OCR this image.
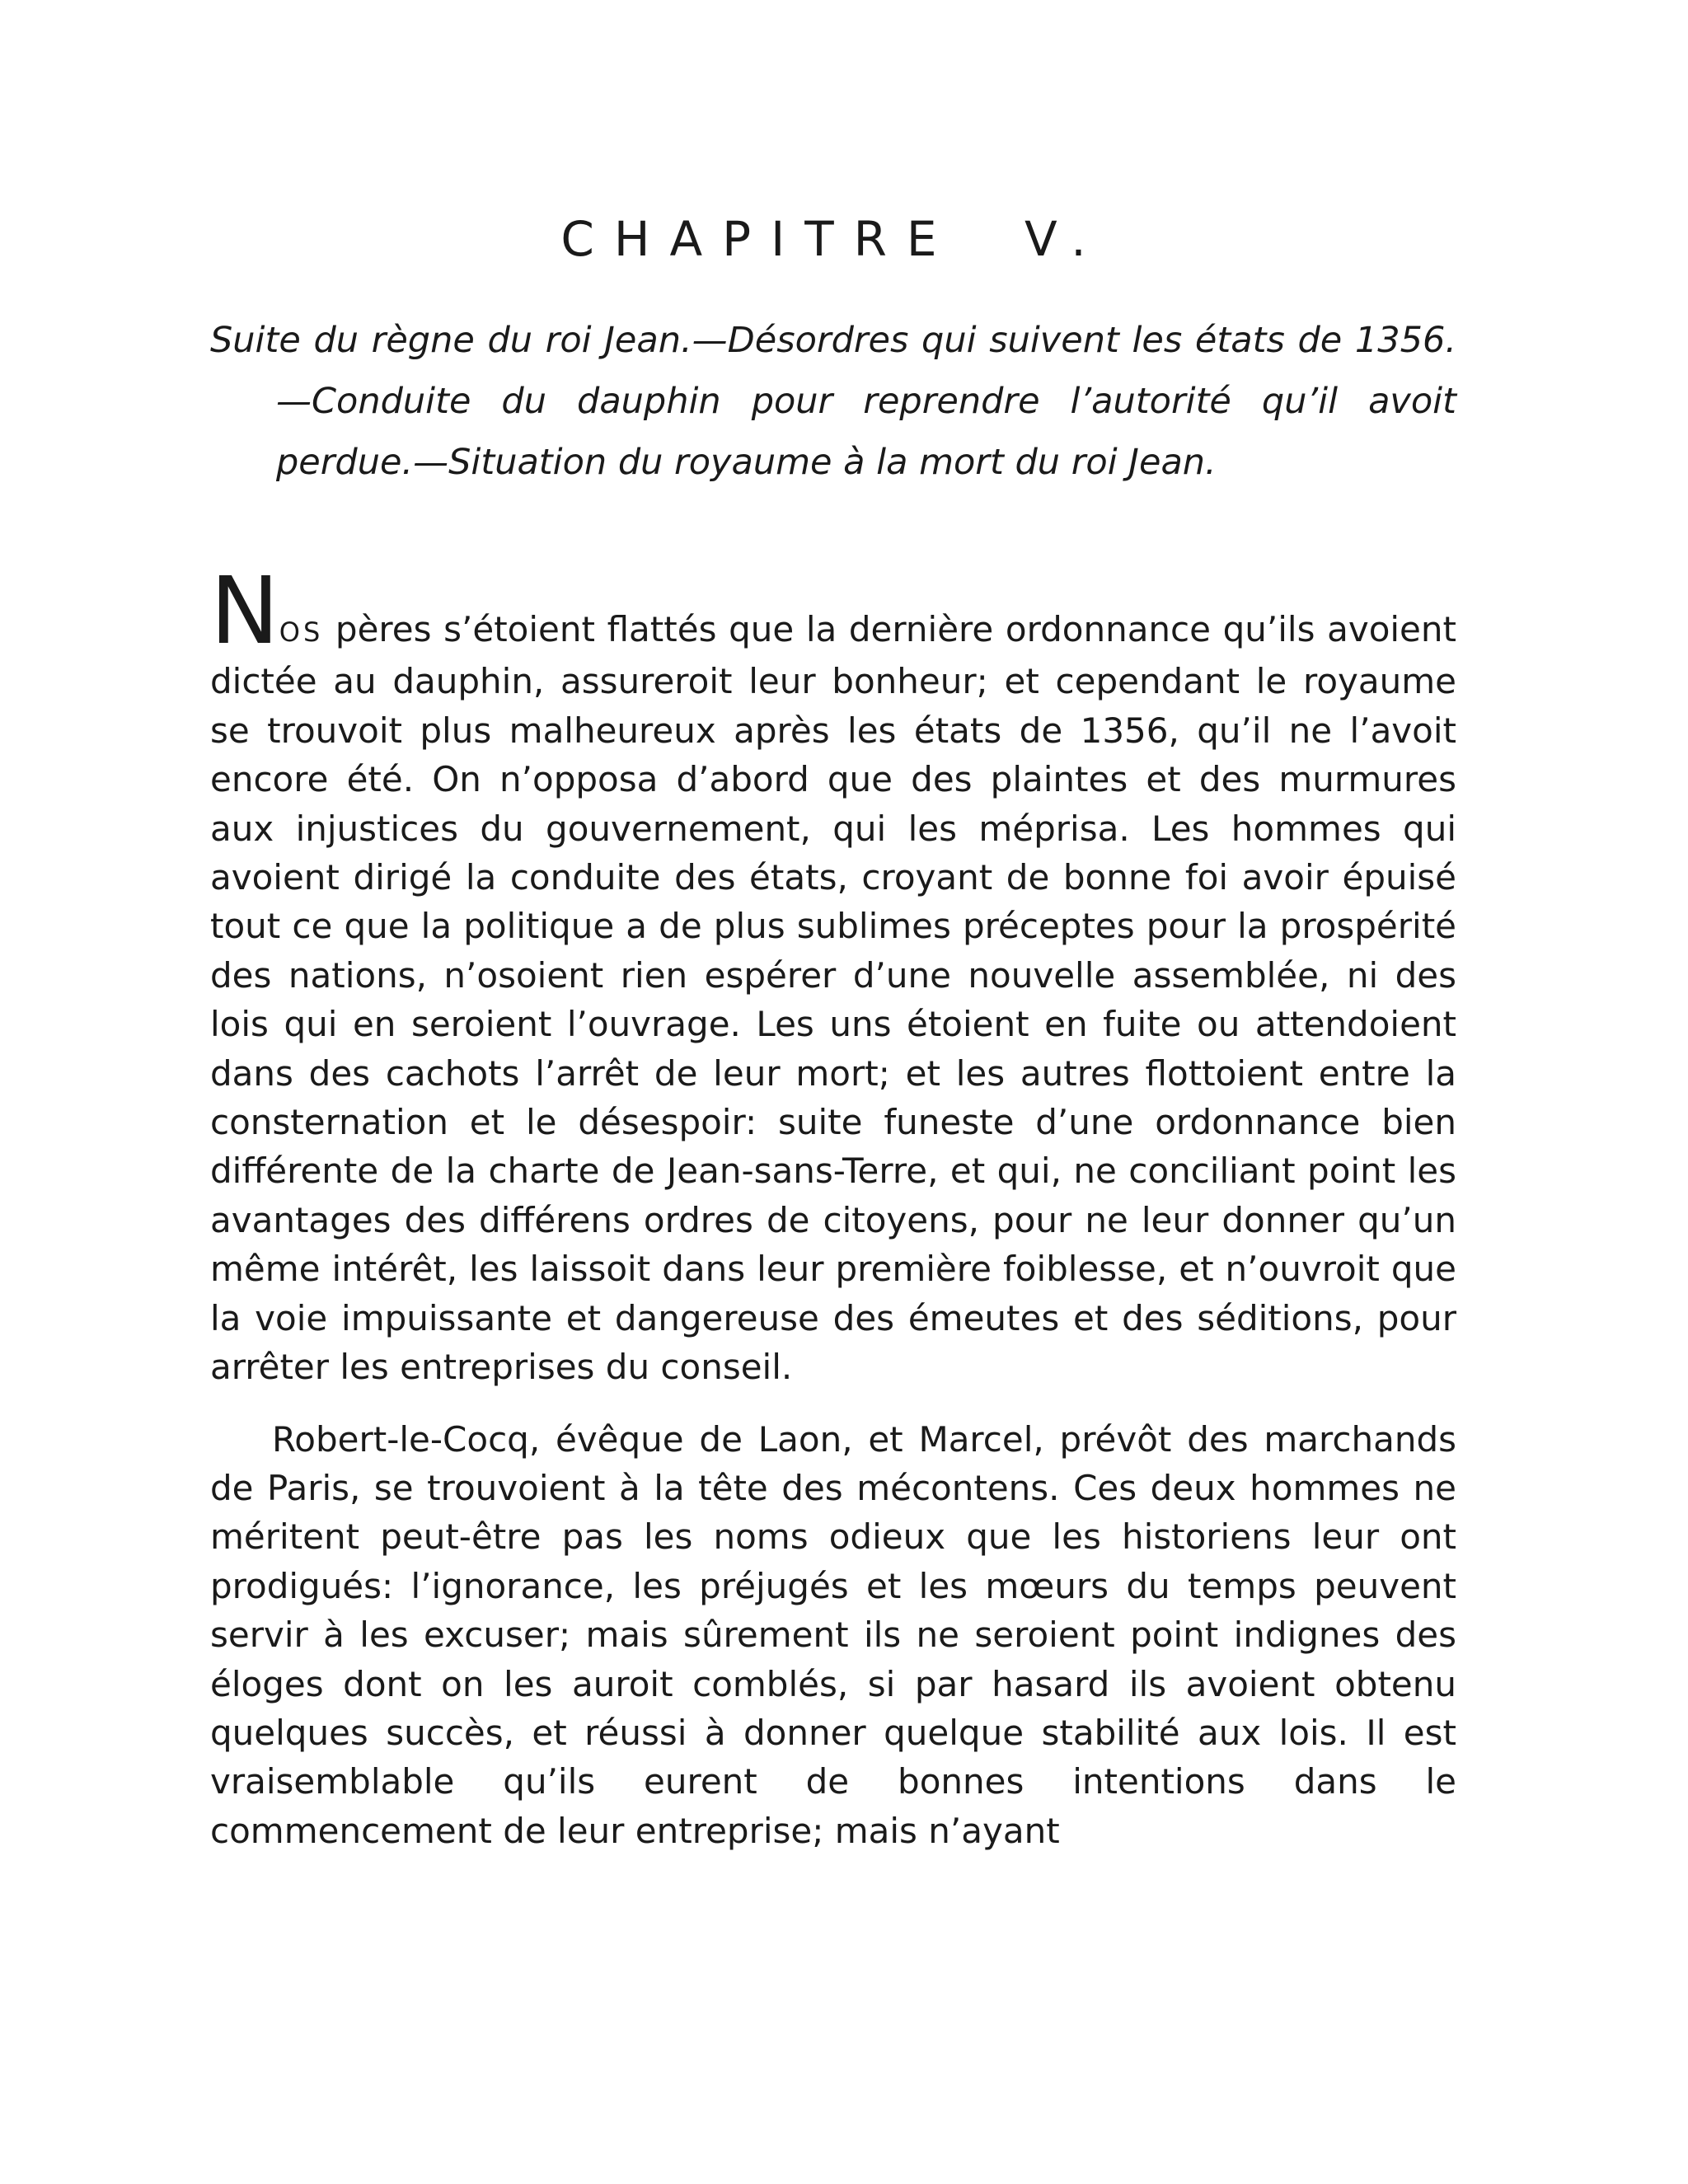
CHAPITRE V.

Suite du règne du roi Jean.—Désordres qui suivent les états de 1356.—Conduite du dauphin pour reprendre l’autorité qu’il avoit perdue.—Situation du royaume à la mort du roi Jean.

NOS pères s’étoient flattés que la dernière ordonnance qu’ils avoient dictée au dauphin, assureroit leur bonheur; et cependant le royaume se trouvoit plus malheureux après les états de 1356, qu’il ne l’avoit encore été. On n’opposa d’abord que des plaintes et des murmures aux injustices du gouvernement, qui les méprisa. Les hommes qui avoient dirigé la conduite des états, croyant de bonne foi avoir épuisé tout ce que la politique a de plus sublimes préceptes pour la prospérité des nations, n’osoient rien espérer d’une nouvelle assemblée, ni des lois qui en seroient l’ouvrage. Les uns étoient en fuite ou attendoient dans des cachots l’arrêt de leur mort; et les autres flottoient entre la consternation et le désespoir: suite funeste d’une ordonnance bien différente de la charte de Jean-sans-Terre, et qui, ne conciliant point les avantages des différens ordres de citoyens, pour ne leur donner qu’un même intérêt, les laissoit dans leur première foiblesse, et n’ouvroit que la voie impuissante et dangereuse des émeutes et des séditions, pour arrêter les entreprises du conseil.

Robert-le-Cocq, évêque de Laon, et Marcel, prévôt des marchands de Paris, se trouvoient à la tête des mécontens. Ces deux hommes ne méritent peut-être pas les noms odieux que les historiens leur ont prodigués: l’ignorance, les préjugés et les mœurs du temps peuvent servir à les excuser; mais sûrement ils ne seroient point indignes des éloges dont on les auroit comblés, si par hasard ils avoient obtenu quelques succès, et réussi à donner quelque stabilité aux lois. Il est vraisemblable qu’ils eurent de bonnes intentions dans le commencement de leur entreprise; mais n’ayant
